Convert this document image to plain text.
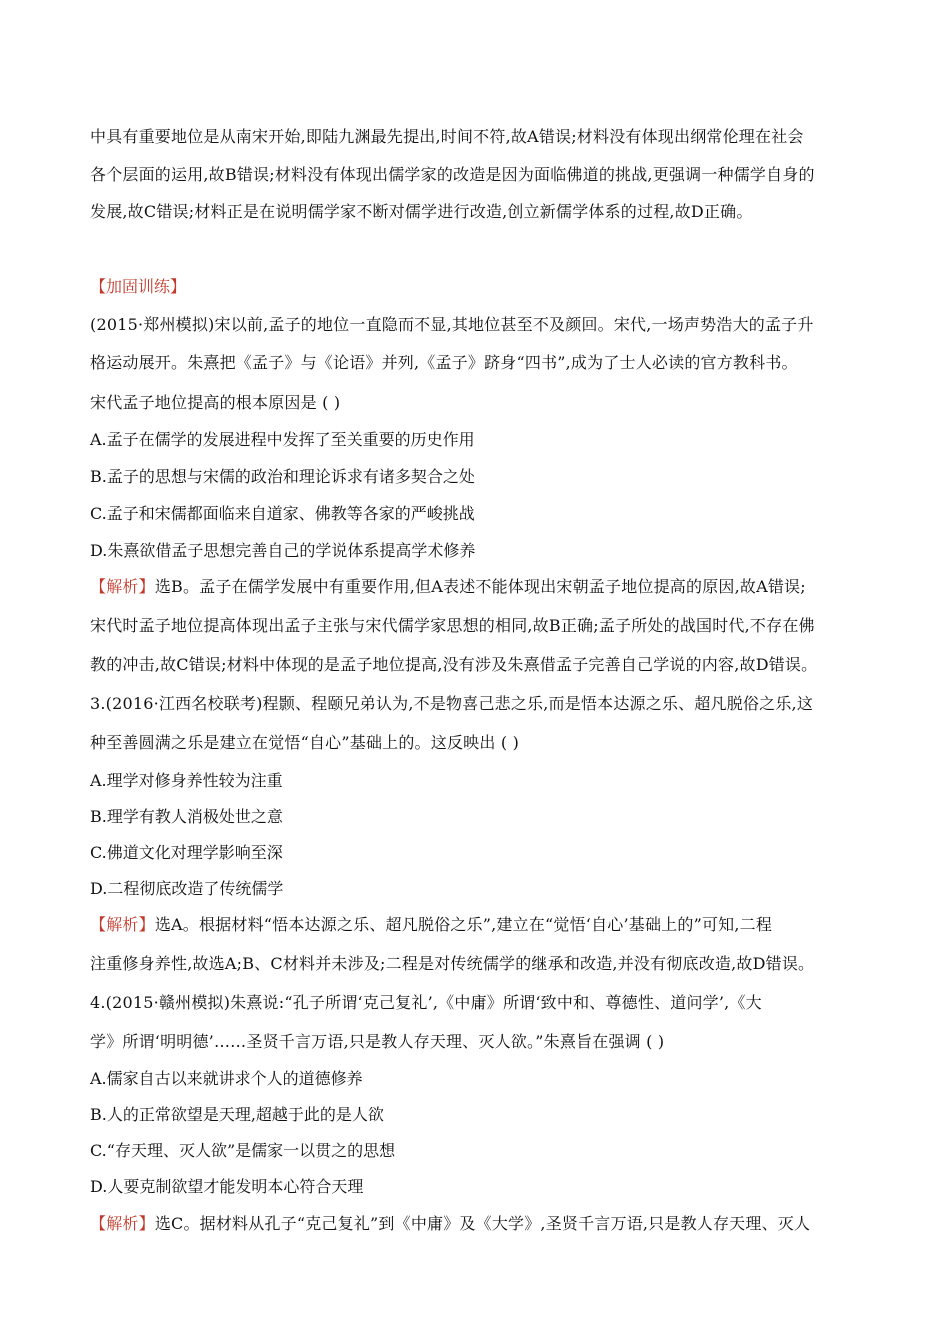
中具有重要地位是从南宋开始,即陆九渊最先提出,时间不符,故A错误;材料没有体现出纲常伦理在社会
各个层面的运用,故B错误;材料没有体现出儒学家的改造是因为面临佛道的挑战,更强调一种儒学自身的
发展,故C错误;材料正是在说明儒学家不断对儒学进行改造,创立新儒学体系的过程,故D正确。
【加固训练】
(2015·郑州模拟)宋以前,孟子的地位一直隐而不显,其地位甚至不及颜回。宋代,一场声势浩大的孟子升
格运动展开。朱熹把《孟子》与《论语》并列,《孟子》跻身“四书”,成为了士人必读的官方教科书。
宋代孟子地位提高的根本原因是 ( )
A.孟子在儒学的发展进程中发挥了至关重要的历史作用
B.孟子的思想与宋儒的政治和理论诉求有诸多契合之处
C.孟子和宋儒都面临来自道家、佛教等各家的严峻挑战
D.朱熹欲借孟子思想完善自己的学说体系提高学术修养
【解析】选B。孟子在儒学发展中有重要作用,但A表述不能体现出宋朝孟子地位提高的原因,故A错误;
宋代时孟子地位提高体现出孟子主张与宋代儒学家思想的相同,故B正确;孟子所处的战国时代,不存在佛
教的冲击,故C错误;材料中体现的是孟子地位提高,没有涉及朱熹借孟子完善自己学说的内容,故D错误。
3.(2016·江西名校联考)程颢、程颐兄弟认为,不是物喜己悲之乐,而是悟本达源之乐、超凡脱俗之乐,这
种至善圆满之乐是建立在觉悟“自心”基础上的。这反映出 ( )
A.理学对修身养性较为注重
B.理学有教人消极处世之意
C.佛道文化对理学影响至深
D.二程彻底改造了传统儒学
【解析】选A。根据材料“悟本达源之乐、超凡脱俗之乐”,建立在“觉悟‘自心’基础上的”可知,二程
注重修身养性,故选A;B、C材料并未涉及;二程是对传统儒学的继承和改造,并没有彻底改造,故D错误。
4.(2015·赣州模拟)朱熹说:“孔子所谓‘克己复礼’,《中庸》所谓‘致中和、尊德性、道问学’,《大
学》所谓‘明明德’……圣贤千言万语,只是教人存天理、灭人欲。”朱熹旨在强调 ( )
A.儒家自古以来就讲求个人的道德修养
B.人的正常欲望是天理,超越于此的是人欲
C.“存天理、灭人欲”是儒家一以贯之的思想
D.人要克制欲望才能发明本心符合天理
【解析】选C。据材料从孔子“克己复礼”到《中庸》及《大学》,圣贤千言万语,只是教人存天理、灭人
